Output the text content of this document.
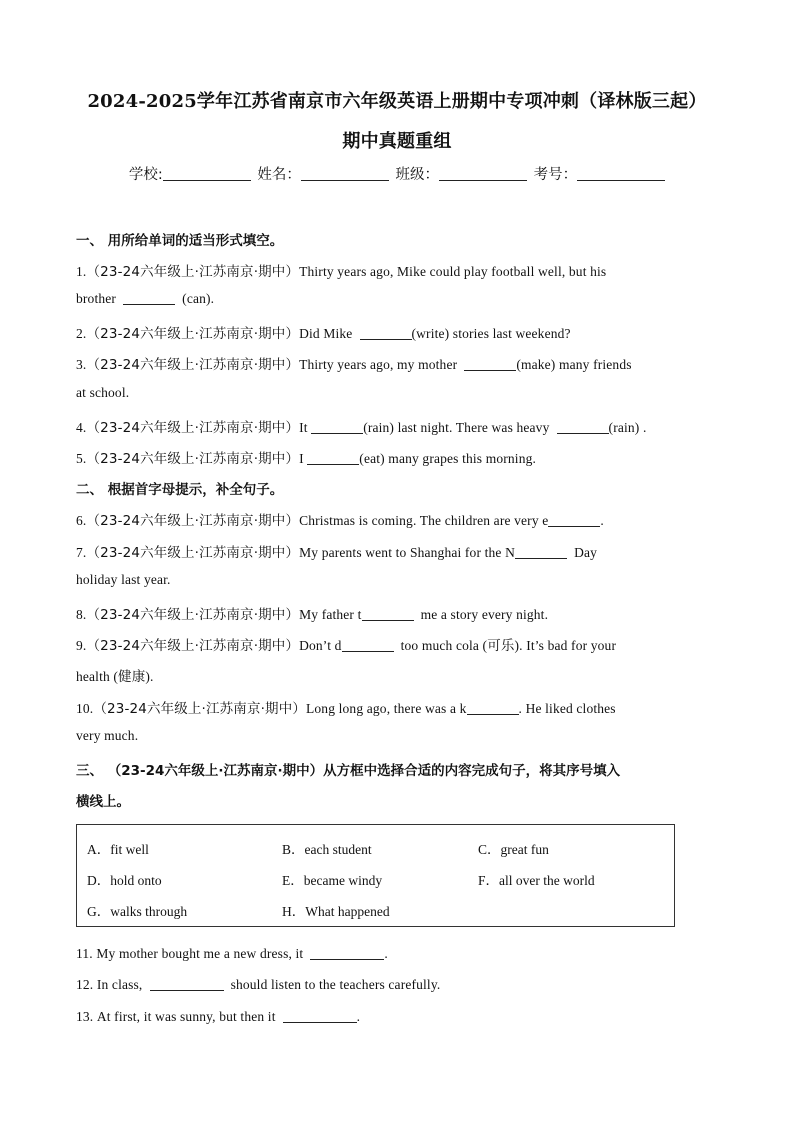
2024-2025学年江苏省南京市六年级英语上册期中专项冲刺（译林版三起）
期中真题重组
学校:	姓名：	班级：	考号：
一、 用所给单词的适当形式填空。
1.（23-24六年级上·江苏南京·期中）Thirty years ago, Mike could play football well, but his
brother	(can).
2.（23-24六年级上·江苏南京·期中）Did Mike	(write) stories last weekend?
3.（23-24六年级上·江苏南京·期中）Thirty years ago, my mother	(make) many friends
at school.
4.（23-24六年级上·江苏南京·期中）It	(rain) last night. There was heavy	(rain) .
5.（23-24六年级上·江苏南京·期中）I	(eat) many grapes this morning.
二、 根据首字母提示，补全句子。
6.（23-24六年级上·江苏南京·期中）Christmas is coming. The children are very e	.
7.（23-24六年级上·江苏南京·期中）My parents went to Shanghai for the N	Day
holiday last year.
8.（23-24六年级上·江苏南京·期中）My father t	me a story every night.
9.（23-24六年级上·江苏南京·期中）Don’t d	too much cola (可乐). It’s bad for your
health (健康).
10.（23-24六年级上·江苏南京·期中）Long long ago, there was a k	. He liked clothes
very much.
三、 （23-24六年级上·江苏南京·期中）从方框中选择合适的内容完成句子，将其序号填入
横线上。
A．fit well	B．each student	C．great fun
D．hold onto	E．became windy	F．all over the world
G．walks through	H．What happened
11. My mother bought me a new dress, it	.
12. In class,	should listen to the teachers carefully.
13. At first, it was sunny, but then it	.
